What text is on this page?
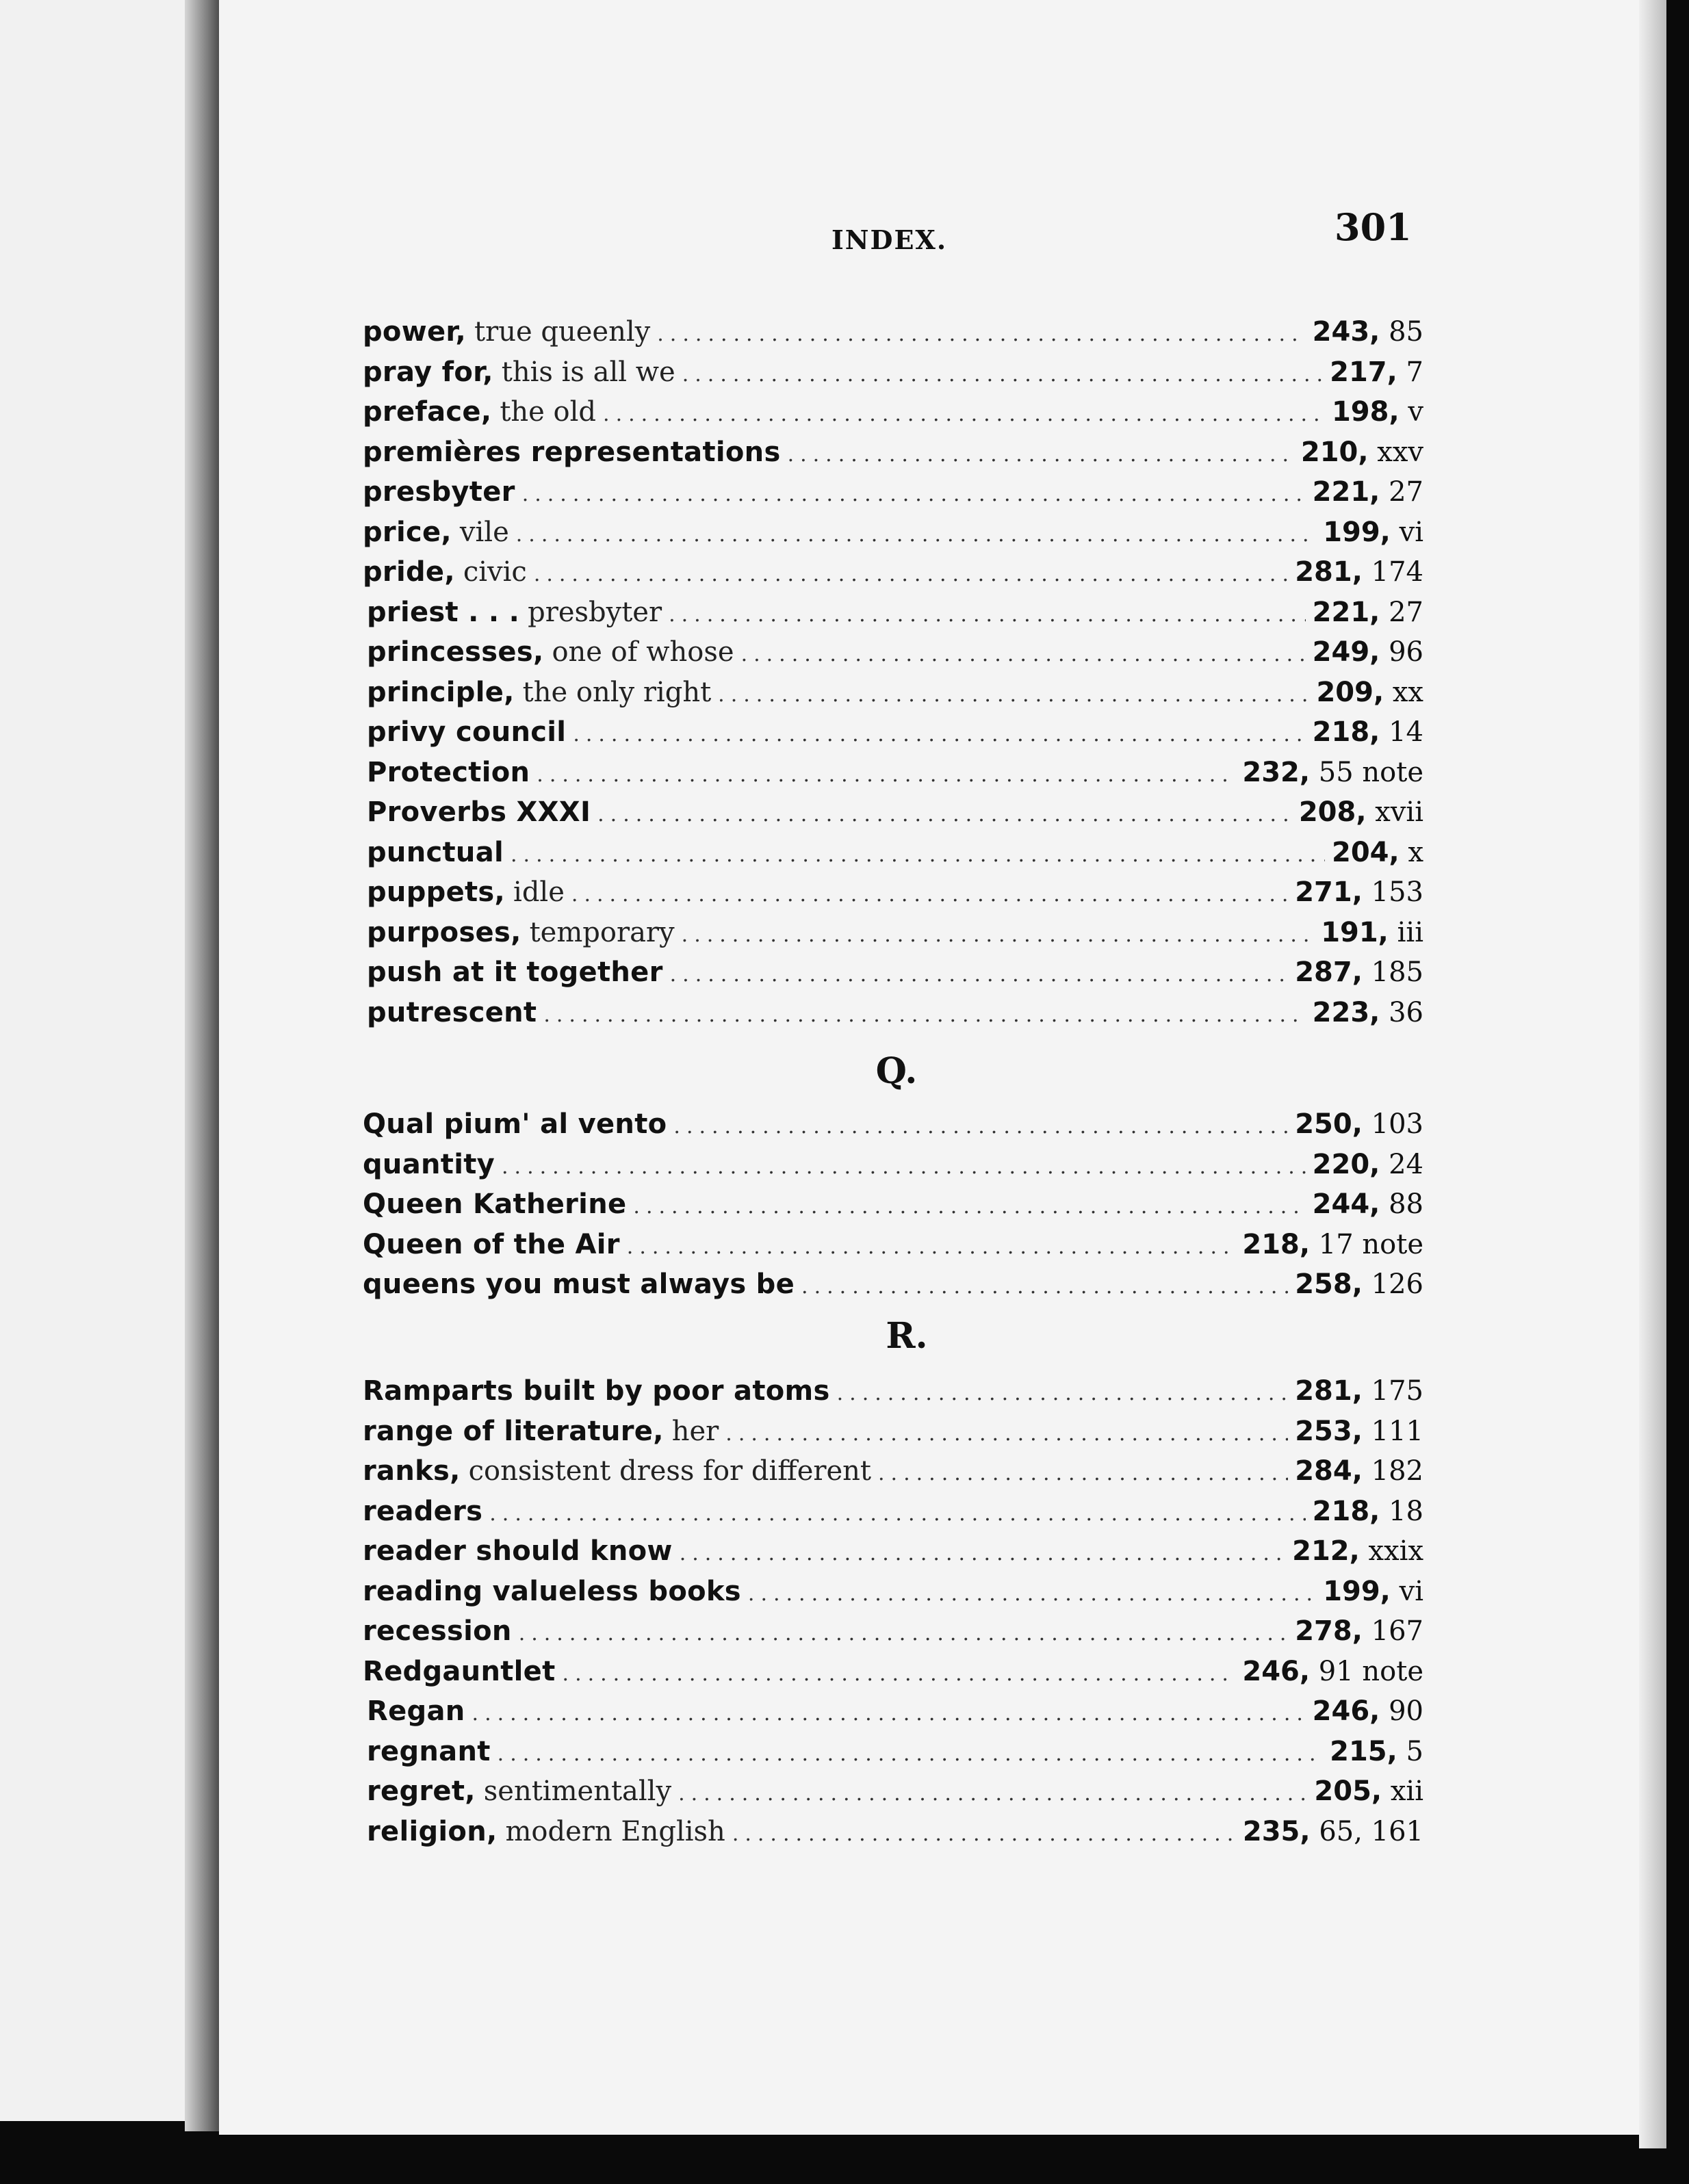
INDEX.	301
power, true queenly .....	243, 85
pray for, this is all we .....	217, 7
preface, the old .....	198, v
premières representations .....	210, xxv
presbyter .....	221, 27
price, vile .....	199, vi
pride, civic .....	281, 174
priest . . . presbyter .....	221, 27
princesses, one of whose .....	249, 96
principle, the only right .....	209, xx
privy council .....	218, 14
Protection .....	232, 55 note
Proverbs XXXI .....	208, xvii
punctual .....	204, x
puppets, idle .....	271, 153
purposes, temporary .....	191, iii
push at it together .....	287, 185
putrescent .....	223, 36
Q.
Qual pium' al vento .....	250, 103
quantity .....	220, 24
Queen Katherine .....	244, 88
Queen of the Air .....	218, 17 note
queens you must always be .....	258, 126
R.
Ramparts built by poor atoms .....	281, 175
range of literature, her .....	253, 111
ranks, consistent dress for different .....	284, 182
readers .....	218, 18
reader should know .....	212, xxix
reading valueless books .....	199, vi
recession .....	278, 167
Redgauntlet .....	246, 91 note
Regan .....	246, 90
regnant .....	215, 5
regret, sentimentally .....	205, xii
religion, modern English .....	235, 65, 161
